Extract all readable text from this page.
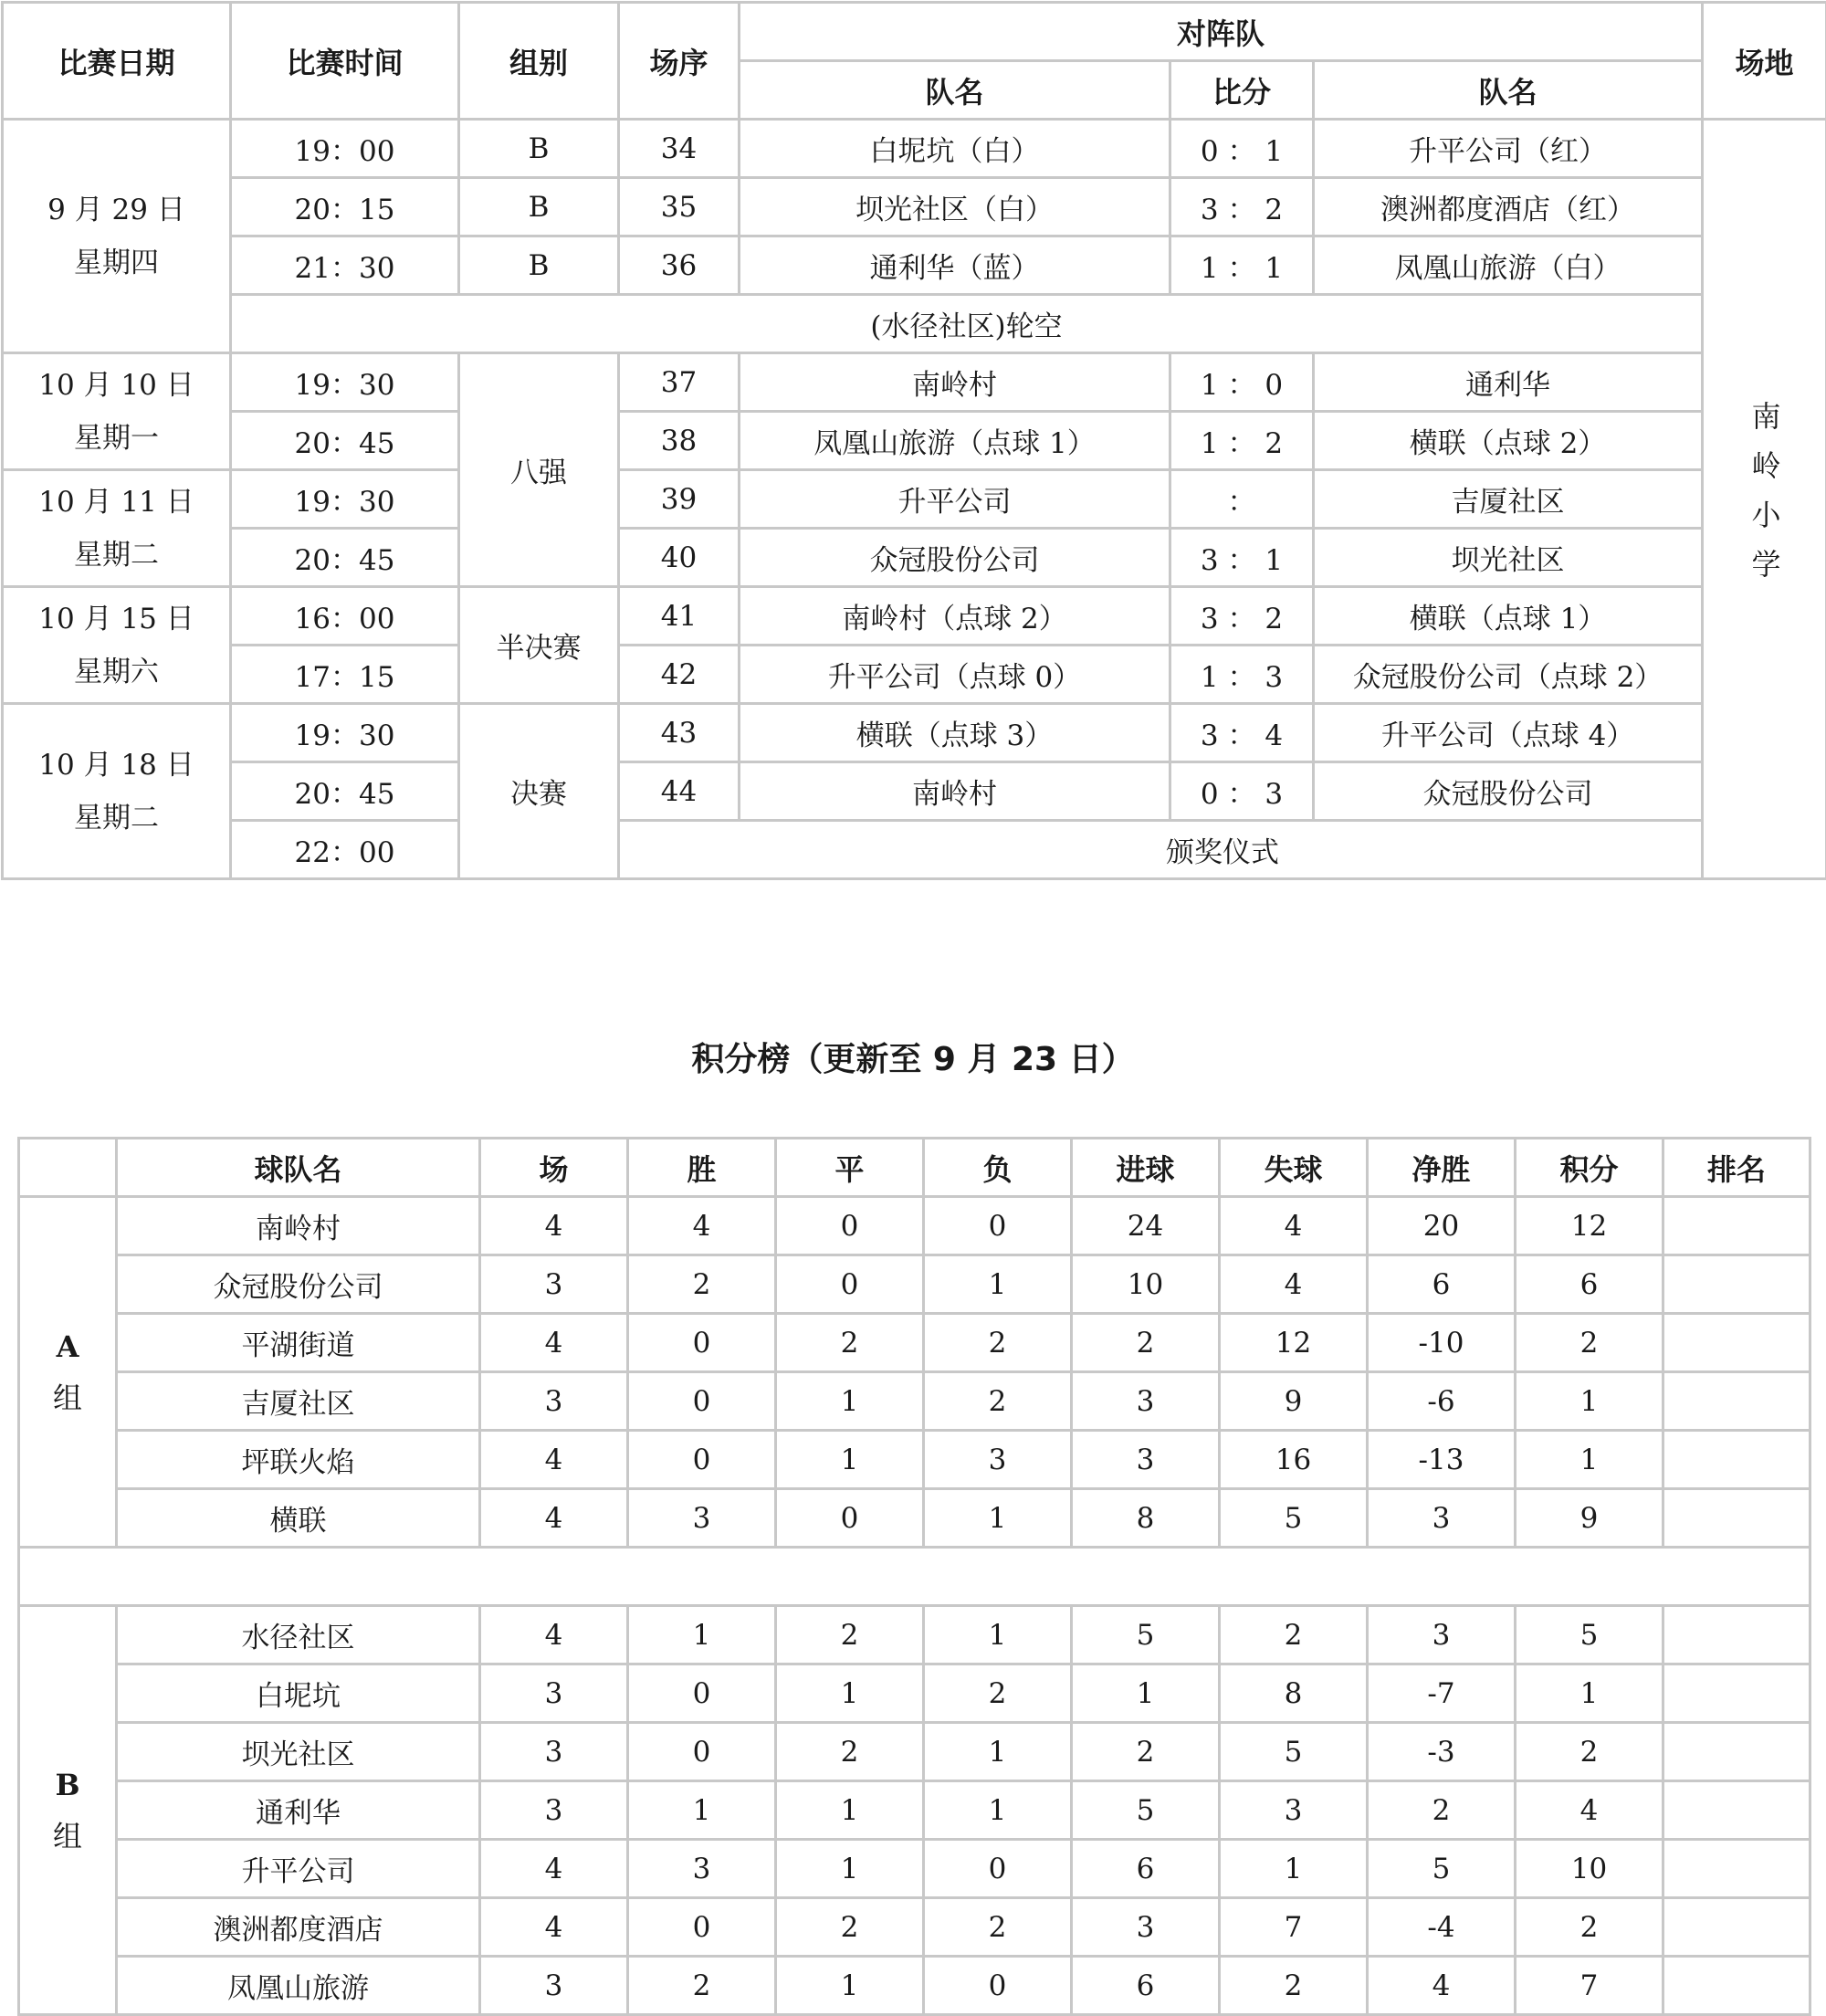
比赛日期	比赛时间	组别	场序	对阵队			场地
				队名	比分	队名	

9 月 29 日
星期四	19：00	B	34	白坭坑（白）	0 ： 1	升平公司（红）	南岭小学
	20：15	B	35	坝光社区（白）	3 ： 2	澳洲都度酒店（红）	
	21：30	B	36	通利华（蓝）	1 ： 1	凤凰山旅游（白）	
	(水径社区)轮空						

10 月 10 日
星期一	19：30	八强	37	南岭村	1 ： 0	通利华	
	20：45		38	凤凰山旅游（点球 1）	1 ： 2	横联（点球 2）	

10 月 11 日
星期二	19：30		39	升平公司	：	吉厦社区	
	20：45		40	众冠股份公司	3 ： 1	坝光社区	

10 月 15 日
星期六	16：00	半决赛	41	南岭村（点球 2）	3 ： 2	横联（点球 1）	
	17：15		42	升平公司（点球 0）	1 ： 3	众冠股份公司（点球 2）	

10 月 18 日
星期二	19：30	决赛	43	横联（点球 3）	3 ： 4	升平公司（点球 4）	
	20：45		44	南岭村	0 ： 3	众冠股份公司	
	22：00		颁奖仪式				
积分榜（更新至 9 月 23 日）
	球队名	场	胜	平	负	进球	失球	净胜	积分	排名

A
组	南岭村	4	4	0	0	24	4	20	12	
	众冠股份公司	3	2	0	1	10	4	6	6	
	平湖街道	4	0	2	2	2	12	-10	2	
	吉厦社区	3	0	1	2	3	9	-6	1	
	坪联火焰	4	0	1	3	3	16	-13	1	
	横联	4	3	0	1	8	5	3	9	

B
组	水径社区	4	1	2	1	5	2	3	5	
	白坭坑	3	0	1	2	1	8	-7	1	
	坝光社区	3	0	2	1	2	5	-3	2	
	通利华	3	1	1	1	5	3	2	4	
	升平公司	4	3	1	0	6	1	5	10	
	澳洲都度酒店	4	0	2	2	3	7	-4	2	
	凤凰山旅游	3	2	1	0	6	2	4	7	
